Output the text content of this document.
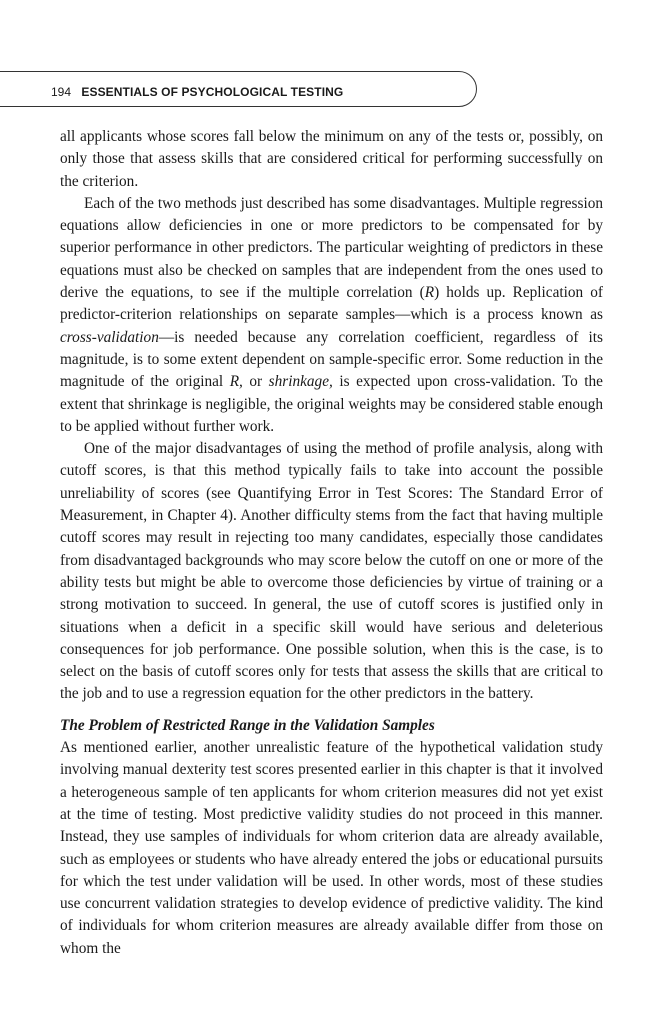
194 ESSENTIALS OF PSYCHOLOGICAL TESTING

all applicants whose scores fall below the minimum on any of the tests or, possibly, on only those that assess skills that are considered critical for performing successfully on the criterion.

Each of the two methods just described has some disadvantages. Multiple regression equations allow deficiencies in one or more predictors to be compensated for by superior performance in other predictors. The particular weighting of predictors in these equations must also be checked on samples that are independent from the ones used to derive the equations, to see if the multiple correlation (R) holds up. Replication of predictor-criterion relationships on separate samples—which is a process known as cross-validation—is needed because any correlation coefficient, regardless of its magnitude, is to some extent dependent on sample-specific error. Some reduction in the magnitude of the original R, or shrinkage, is expected upon cross-validation. To the extent that shrinkage is negligible, the original weights may be considered stable enough to be applied without further work.

One of the major disadvantages of using the method of profile analysis, along with cutoff scores, is that this method typically fails to take into account the possible unreliability of scores (see Quantifying Error in Test Scores: The Standard Error of Measurement, in Chapter 4). Another difficulty stems from the fact that having multiple cutoff scores may result in rejecting too many candidates, especially those candidates from disadvantaged backgrounds who may score below the cutoff on one or more of the ability tests but might be able to overcome those deficiencies by virtue of training or a strong motivation to succeed. In general, the use of cutoff scores is justified only in situations when a deficit in a specific skill would have serious and deleterious consequences for job performance. One possible solution, when this is the case, is to select on the basis of cutoff scores only for tests that assess the skills that are critical to the job and to use a regression equation for the other predictors in the battery.

The Problem of Restricted Range in the Validation Samples

As mentioned earlier, another unrealistic feature of the hypothetical validation study involving manual dexterity test scores presented earlier in this chapter is that it involved a heterogeneous sample of ten applicants for whom criterion measures did not yet exist at the time of testing. Most predictive validity studies do not proceed in this manner. Instead, they use samples of individuals for whom criterion data are already available, such as employees or students who have already entered the jobs or educational pursuits for which the test under validation will be used. In other words, most of these studies use concurrent validation strategies to develop evidence of predictive validity. The kind of individuals for whom criterion measures are already available differ from those on whom the
